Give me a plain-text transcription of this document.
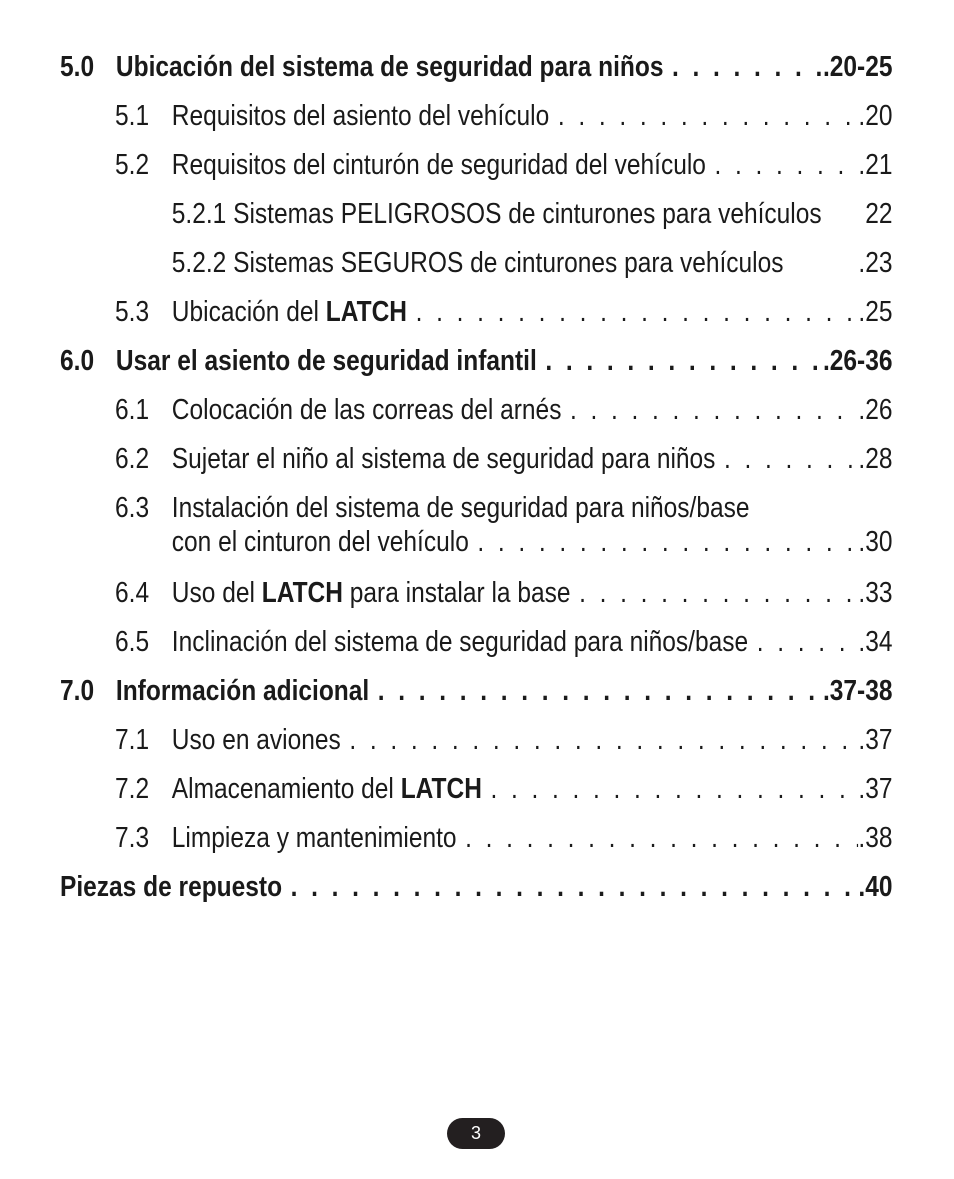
5.0 Ubicación del sistema de seguridad para niños . . .	.20-25
5.1 Requisitos del asiento del vehículo . . .	.20
5.2 Requisitos del cinturón de seguridad del vehículo . . .	.21
5.2.1 Sistemas PELIGROSOS de cinturones para vehículos 22
5.2.2 Sistemas SEGUROS de cinturones para vehículos	.23
5.3 Ubicación del LATCH . . .	.25
6.0 Usar el asiento de seguridad infantil . . .	.26-36
6.1 Colocación de las correas del arnés . . .	.26
6.2 Sujetar el niño al sistema de seguridad para niños . . .	.28
6.3 Instalación del sistema de seguridad para niños/base
con el cinturon del vehículo . . .	.30
6.4 Uso del LATCH para instalar la base . . .	.33
6.5 Inclinación del sistema de seguridad para niños/base . . .	.34
7.0 Información adicional . . .	.37-38
7.1 Uso en aviones . . .	.37
7.2 Almacenamiento del LATCH . . .	.37
7.3 Limpieza y mantenimiento . . .	.38
Piezas de repuesto . . .	.40
3
